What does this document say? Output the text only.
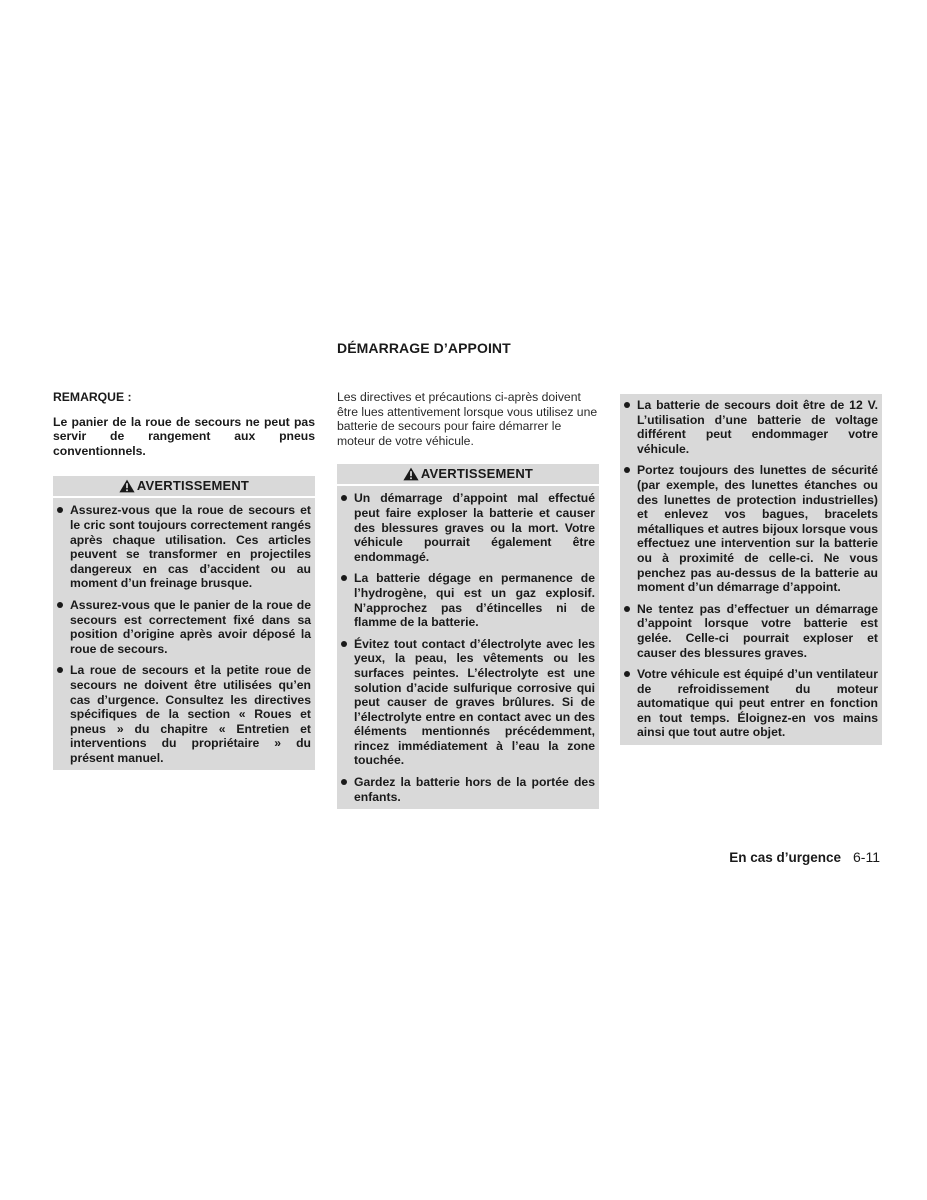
DÉMARRAGE D’APPOINT

REMARQUE :

Le panier de la roue de secours ne peut pas servir de rangement aux pneus conventionnels.

AVERTISSEMENT
Assurez-vous que la roue de secours et le cric sont toujours correctement rangés après chaque utilisation. Ces articles peuvent se transformer en projectiles dangereux en cas d’accident ou au moment d’un freinage brusque.
Assurez-vous que le panier de la roue de secours est correctement fixé dans sa position d’origine après avoir déposé la roue de secours.
La roue de secours et la petite roue de secours ne doivent être utilisées qu’en cas d’urgence. Consultez les directives spécifiques de la section « Roues et pneus » du chapitre « Entretien et interventions du propriétaire » du présent manuel.

Les directives et précautions ci-après doivent être lues attentivement lorsque vous utilisez une batterie de secours pour faire démarrer le moteur de votre véhicule.

AVERTISSEMENT
Un démarrage d’appoint mal effectué peut faire exploser la batterie et causer des blessures graves ou la mort. Votre véhicule pourrait également être endommagé.
La batterie dégage en permanence de l’hydrogène, qui est un gaz explosif. N’approchez pas d’étincelles ni de flamme de la batterie.
Évitez tout contact d’électrolyte avec les yeux, la peau, les vêtements ou les surfaces peintes. L’électrolyte est une solution d’acide sulfurique corrosive qui peut causer de graves brûlures. Si de l’électrolyte entre en contact avec un des éléments mentionnés précédemment, rincez immédiatement à l’eau la zone touchée.
Gardez la batterie hors de la portée des enfants.
La batterie de secours doit être de 12 V. L’utilisation d’une batterie de voltage différent peut endommager votre véhicule.
Portez toujours des lunettes de sécurité (par exemple, des lunettes étanches ou des lunettes de protection industrielles) et enlevez vos bagues, bracelets métalliques et autres bijoux lorsque vous effectuez une intervention sur la batterie ou à proximité de celle-ci. Ne vous penchez pas au-dessus de la batterie au moment d’un démarrage d’appoint.
Ne tentez pas d’effectuer un démarrage d’appoint lorsque votre batterie est gelée. Celle-ci pourrait exploser et causer des blessures graves.
Votre véhicule est équipé d’un ventilateur de refroidissement du moteur automatique qui peut entrer en fonction en tout temps. Éloignez-en vos mains ainsi que tout autre objet.
En cas d’urgence 6-11
